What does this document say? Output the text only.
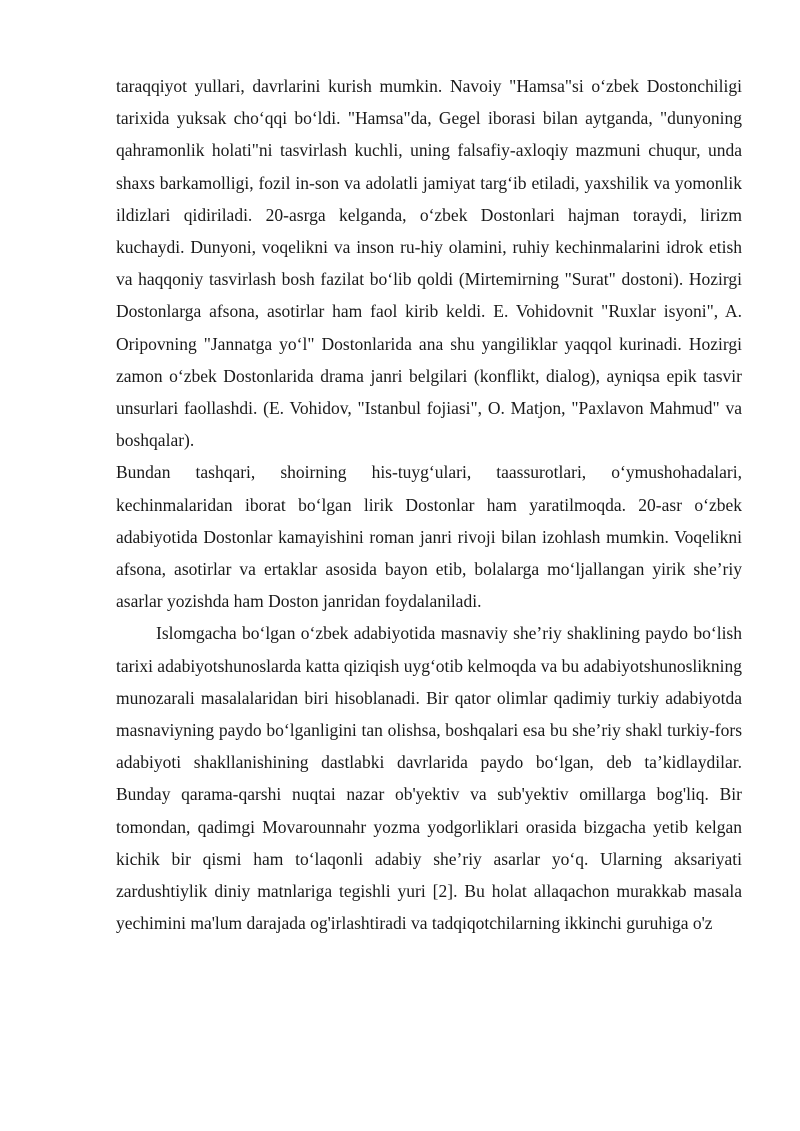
taraqqiyot yullari, davrlarini kurish mumkin. Navoiy "Hamsa"si o‘zbek Dostonchiligi tarixida yuksak cho‘qqi bo‘ldi. "Hamsa"da, Gegel iborasi bilan aytganda, "dunyoning qahramonlik holati"ni tasvirlash kuchli, uning falsafiy-axloqiy mazmuni chuqur, unda shaxs barkamolligi, fozil in-son va adolatli jamiyat targ‘ib etiladi, yaxshilik va yomonlik ildizlari qidiriladi. 20-asrga kelganda, o‘zbek Dostonlari hajman toraydi, lirizm kuchaydi. Dunyoni, voqelikni va inson ru-hiy olamini, ruhiy kechinmalarini idrok etish va haqqoniy tasvirlash bosh fazilat bo‘lib qoldi (Mirtemirning "Surat" dostoni). Hozirgi Dostonlarga afsona, asotirlar ham faol kirib keldi. E. Vohidovnit "Ruxlar isyoni", A. Oripovning "Jannatga yo‘l" Dostonlarida ana shu yangiliklar yaqqol kurinadi. Hozirgi zamon o‘zbek Dostonlarida drama janri belgilari (konflikt, dialog), ayniqsa epik tasvir unsurlari faollashdi. (E. Vohidov, "Istanbul fojiasi", O. Matjon, "Paxlavon Mahmud" va boshqalar).

Bundan tashqari, shoirning his-tuyg‘ulari, taassurotlari, o‘ymushohadalari, kechinmalaridan iborat bo‘lgan lirik Dostonlar ham yaratilmoqda. 20-asr o‘zbek adabiyotida Dostonlar kamayishini roman janri rivoji bilan izohlash mumkin. Voqelikni afsona, asotirlar va ertaklar asosida bayon etib, bolalarga mo‘ljallangan yirik she’riy asarlar yozishda ham Doston janridan foydalaniladi.

Islomgacha bo‘lgan o‘zbek adabiyotida masnaviy she’riy shaklining paydo bo‘lish tarixi adabiyotshunoslarda katta qiziqish uyg‘otib kelmoqda va bu adabiyotshunoslikning munozarali masalalaridan biri hisoblanadi. Bir qator olimlar qadimiy turkiy adabiyotda masnaviyning paydo bo‘lganligini tan olishsa, boshqalari esa bu she’riy shakl turkiy-fors adabiyoti shakllanishining dastlabki davrlarida paydo bo‘lgan, deb ta’kidlaydilar. Bunday qarama-qarshi nuqtai nazar ob'yektiv va sub'yektiv omillarga bog'liq. Bir tomondan, qadimgi Movarounnahr yozma yodgorliklari orasida bizgacha yetib kelgan kichik bir qismi ham to‘laqonli adabiy she’riy asarlar yo‘q. Ularning aksariyati zardushtiylik diniy matnlariga tegishli yuri [2]. Bu holat allaqachon murakkab masala yechimini ma'lum darajada og'irlashtiradi va tadqiqotchilarning ikkinchi guruhiga o'z
